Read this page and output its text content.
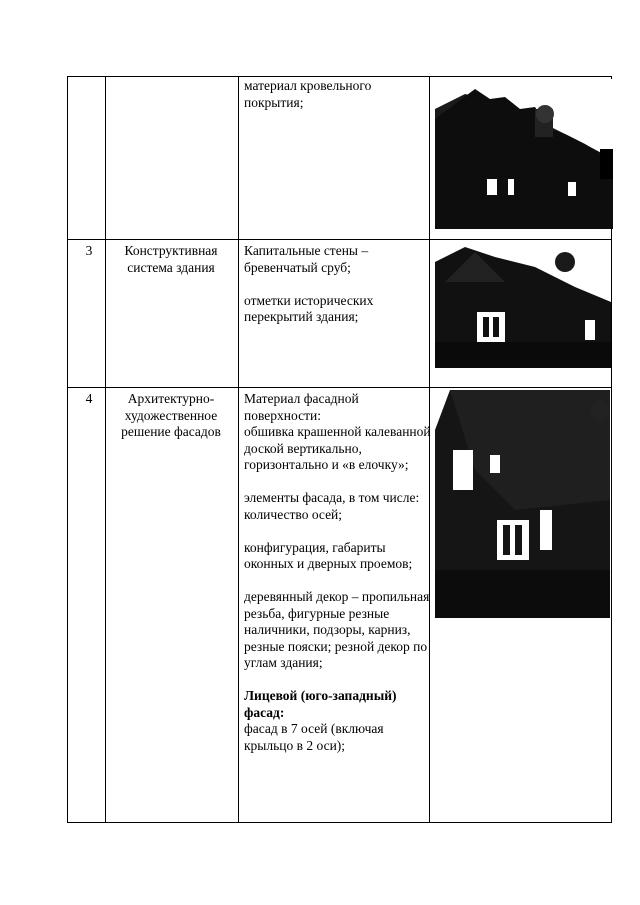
материал кровельного покрытия;

3	Конструктивная система здания

Капитальные стены – бревенчатый сруб;

отметки исторических перекрытий здания;

4	Архитектурно-художественное решение фасадов

Материал фасадной поверхности:

обшивка крашенной калеванной доской вертикально, горизонтально и «в елочку»;

элементы фасада, в том числе:

количество осей;

конфигурация, габариты оконных и дверных проемов;

деревянный декор – пропильная резьба, фигурные резные наличники, подзоры, карниз, резные пояски; резной декор по углам здания;

Лицевой (юго-западный) фасад:

фасад в 7 осей (включая крыльцо в 2 оси);
